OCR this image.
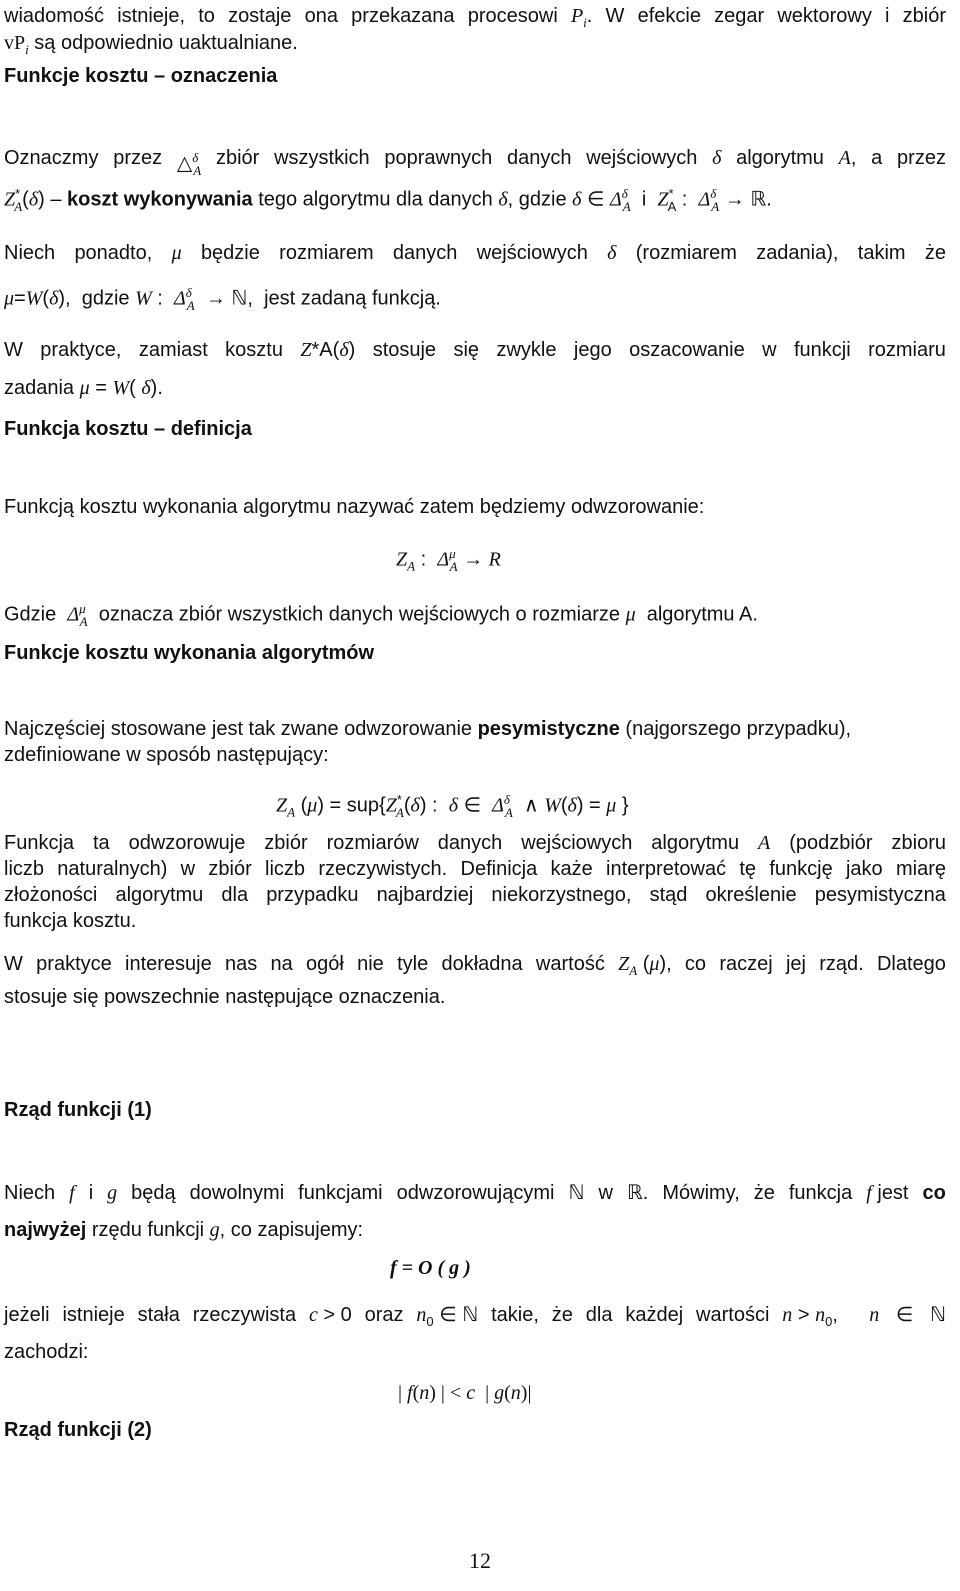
wiadomość istnieje, to zostaje ona przekazana procesowi $P_i$. W efekcie zegar wektorowy i zbiór
$vP_i$ są odpowiednio uaktualniane.
Funkcje kosztu – oznaczenia
Oznaczmy przez △$^\delta_A$
zbiór wszystkich poprawnych danych wejściowych δ algorytmu A, a przez
$Z^*_A(\delta)$ – koszt wykonywania tego algorytmu dla danych δ, gdzie δ ∈ $\Delta^\delta_A$  i  $Z^*_A$ :  $\Delta^\delta_A$ → ℝ.
Niech ponadto, μ będzie rozmiarem danych wejściowych δ (rozmiarem zadania), takim że
μ=W(δ),  gdzie W :  $\Delta^\delta_A$  → ℕ,  jest zadaną funkcją.
W praktyce, zamiast kosztu Z*A(δ) stosuje się zwykle jego oszacowanie w funkcji rozmiaru
zadania μ = W( δ).
Funkcja kosztu – definicja
Funkcją kosztu wykonania algorytmu nazywać zatem będziemy odwzorowanie:
$Z_A$ :  $\Delta^\mu_A \to R$
Gdzie  $\Delta^\mu_A$  oznacza zbiór wszystkich danych wejściowych o rozmiarze μ  algorytmu A.
Funkcje kosztu wykonania algorytmów
Najczęściej stosowane jest tak zwane odwzorowanie pesymistyczne (najgorszego przypadku),
zdefiniowane w sposób następujący:
$Z_A$ $(\mu) = sup\{Z^*_A(\delta)$ :  δ ∈  $\Delta^\delta_A$  ∧ W(δ) = μ }
Funkcja ta odwzorowuje zbiór rozmiarów danych wejściowych algorytmu A (podzbiór zbioru
liczb naturalnych) w zbiór liczb rzeczywistych. Definicja każe interpretować tę funkcję jako miarę
złożoności algorytmu dla przypadku najbardziej niekorzystnego, stąd określenie pesymistyczna
funkcja kosztu.
W praktyce interesuje nas na ogół nie tyle dokładna wartość $Z_A$ (μ), co raczej jej rząd. Dlatego
stosuje się powszechnie następujące oznaczenia.
Rząd funkcji (1)
Niech f i g będą dowolnymi funkcjami odwzorowującymi ℕ w ℝ. Mówimy, że funkcja f jest co
najwyżej rzędu funkcji g, co zapisujemy:
f = O ( g )
jeżeli istnieje stała rzeczywista c > 0 oraz $n_0$ ∈ ℕ takie, że dla każdej wartości $n > n_0$,
n   ∈   ℕ
zachodzi:
| f(n) | < c  | g(n)|
Rząd funkcji (2)
12
